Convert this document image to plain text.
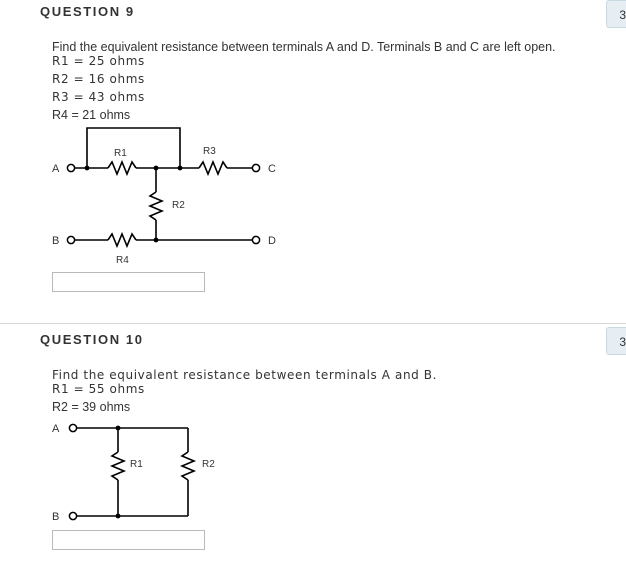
QUESTION 9	3
Find the equivalent resistance between terminals A and D. Terminals B and C are left open.
R1 = 25 ohms
R2 = 16 ohms
R3 = 43 ohms
R4 = 21 ohms
A
B
C
D
R1
R2
R3
R4
QUESTION 10	3
Find the equivalent resistance between terminals A and B.
R1 = 55 ohms
R2 = 39 ohms
A
B
R1	R2
